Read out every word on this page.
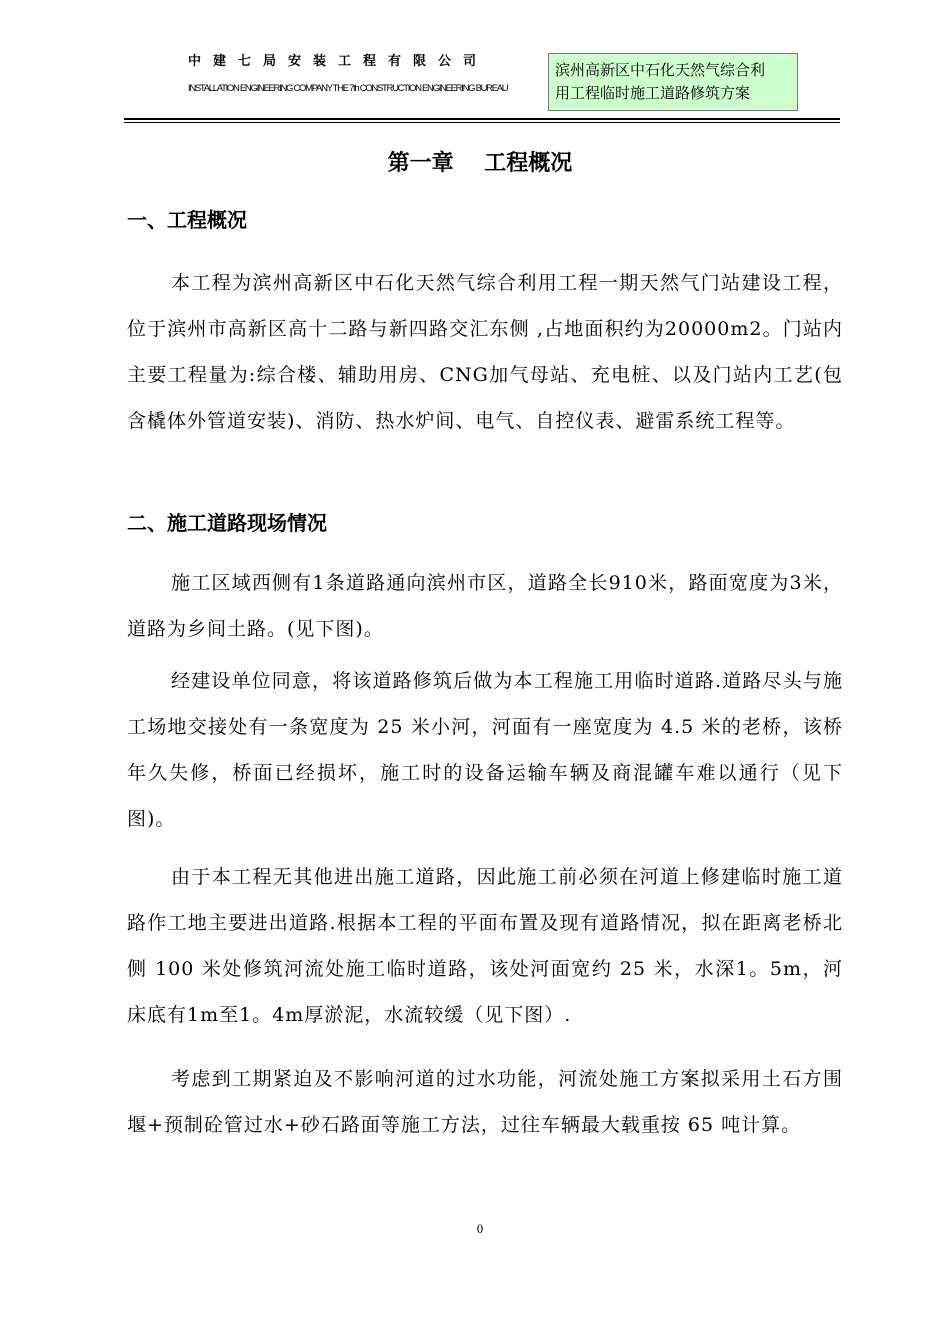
中建七局安装工程有限公司
INSTALLATION ENGINEERING COMPANY THE 7th CONSTRUCTION ENGINEERING BUREAU
滨州高新区中石化天然气综合利
用工程临时施工道路修筑方案
第一章    工程概况
一、工程概况
本工程为滨州高新区中石化天然气综合利用工程一期天然气门站建设工程，位于滨州市高新区高十二路与新四路交汇东侧 ,占地面积约为20000m2。门站内主要工程量为:综合楼、辅助用房、CNG加气母站、充电桩、以及门站内工艺(包含橇体外管道安装)、消防、热水炉间、电气、自控仪表、避雷系统工程等。
二、施工道路现场情况
施工区域西侧有1条道路通向滨州市区，道路全长910米，路面宽度为3米，道路为乡间土路。(见下图)。
经建设单位同意，将该道路修筑后做为本工程施工用临时道路.道路尽头与施工场地交接处有一条宽度为 25 米小河，河面有一座宽度为 4.5 米的老桥，该桥年久失修，桥面已经损坏，施工时的设备运输车辆及商混罐车难以通行（见下图)。
由于本工程无其他进出施工道路，因此施工前必须在河道上修建临时施工道路作工地主要进出道路.根据本工程的平面布置及现有道路情况，拟在距离老桥北侧 100 米处修筑河流处施工临时道路，该处河面宽约 25 米，水深1。5m，河床底有1m至1。4m厚淤泥，水流较缓（见下图）.
考虑到工期紧迫及不影响河道的过水功能，河流处施工方案拟采用土石方围堰+预制砼管过水+砂石路面等施工方法，过往车辆最大载重按 65 吨计算。
0
